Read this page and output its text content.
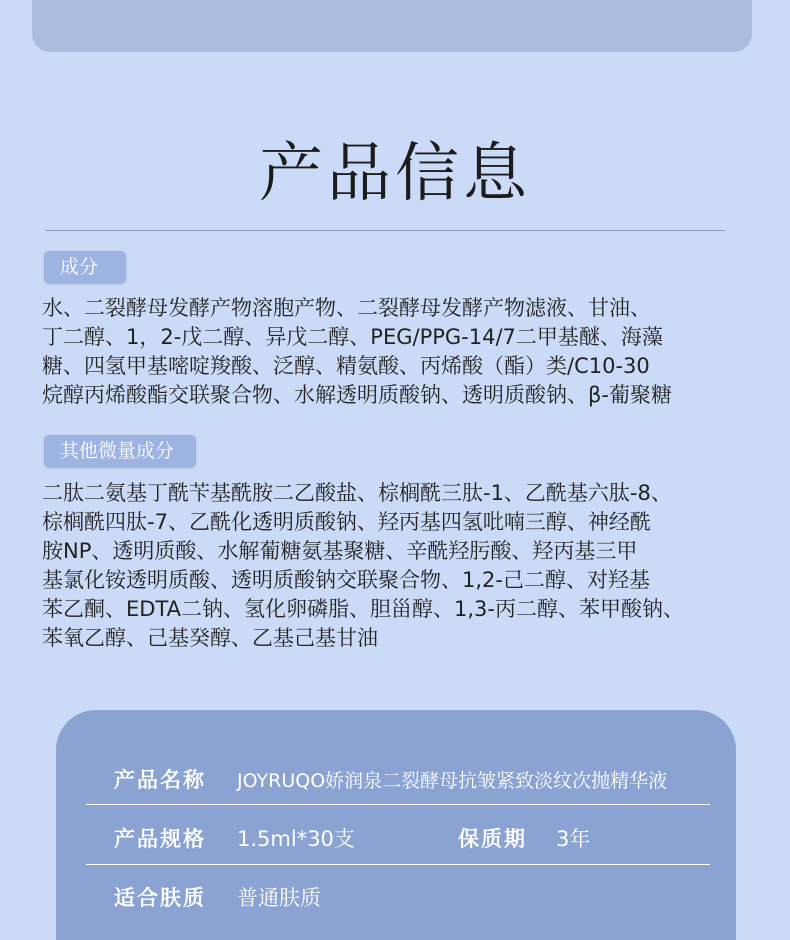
产品信息
成分
水、二裂酵母发酵产物溶胞产物、二裂酵母发酵产物滤液、甘油、
丁二醇、1，2-戊二醇、异戊二醇、PEG/PPG-14/7二甲基醚、海藻
糖、四氢甲基嘧啶羧酸、泛醇、精氨酸、丙烯酸（酯）类/C10-30
烷醇丙烯酸酯交联聚合物、水解透明质酸钠、透明质酸钠、β-葡聚糖
其他微量成分
二肽二氨基丁酰苄基酰胺二乙酸盐、棕榈酰三肽-1、乙酰基六肽-8、
棕榈酰四肽-7、乙酰化透明质酸钠、羟丙基四氢吡喃三醇、神经酰
胺NP、透明质酸、水解葡糖氨基聚糖、辛酰羟肟酸、羟丙基三甲
基氯化铵透明质酸、透明质酸钠交联聚合物、1,2-己二醇、对羟基
苯乙酮、EDTA二钠、氢化卵磷脂、胆甾醇、1,3-丙二醇、苯甲酸钠、
苯氧乙醇、己基癸醇、乙基己基甘油
产品名称 JOYRUQO娇润泉二裂酵母抗皱紧致淡纹次抛精华液
产品规格 1.5ml*30支	保质期 3年
适合肤质 普通肤质
